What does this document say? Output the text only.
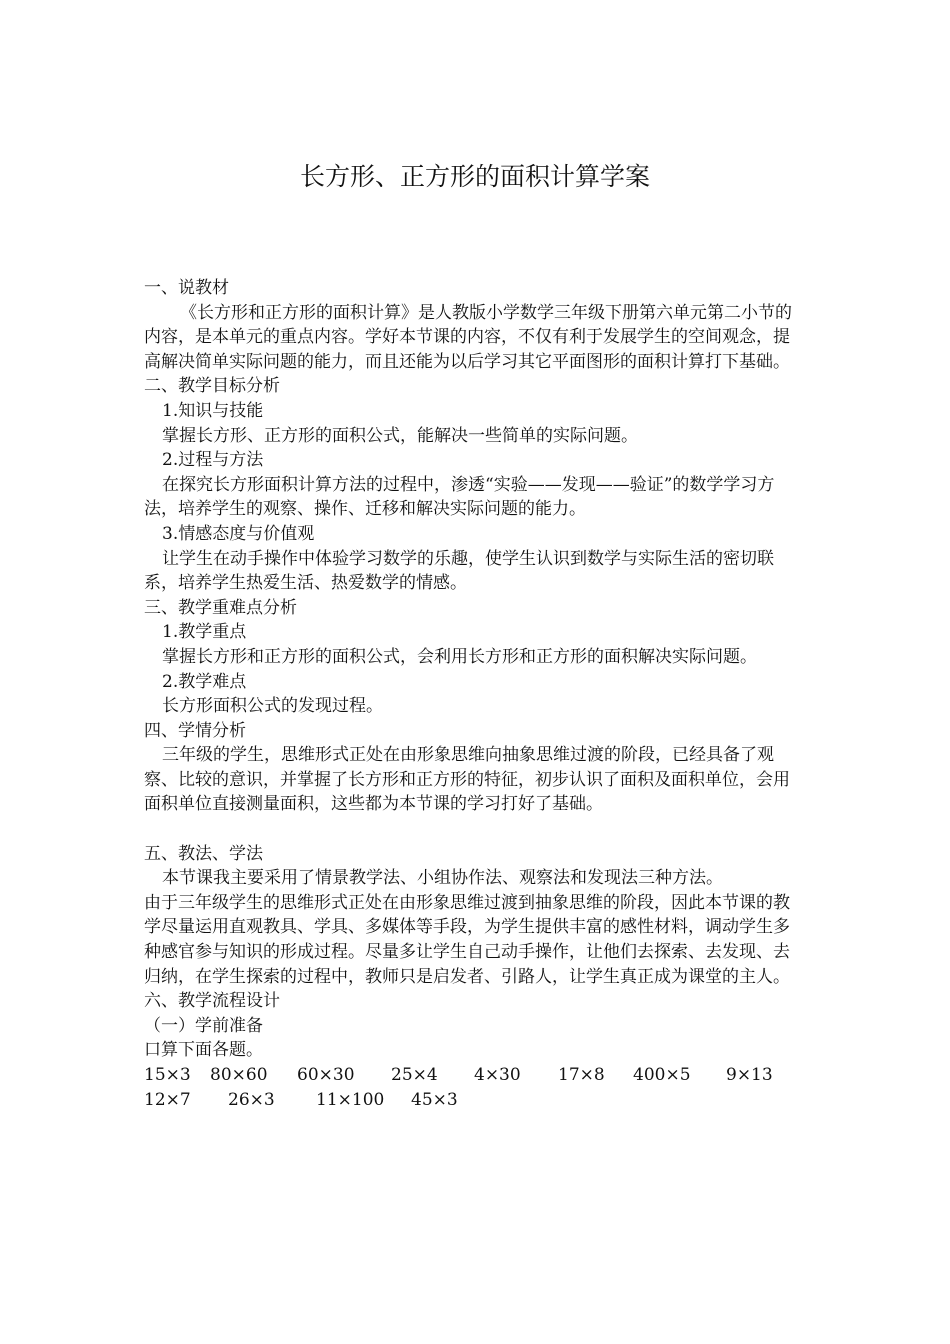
长方形、正方形的面积计算学案

一、说教材

《长方形和正方形的面积计算》是人教版小学数学三年级下册第六单元第二小节的内容，是本单元的重点内容。学好本节课的内容，不仅有利于发展学生的空间观念，提高解决简单实际问题的能力，而且还能为以后学习其它平面图形的面积计算打下基础。

二、教学目标分析

1.知识与技能

掌握长方形、正方形的面积公式，能解决一些简单的实际问题。

2.过程与方法

在探究长方形面积计算方法的过程中，渗透“实验——发现——验证”的数学学习方法，培养学生的观察、操作、迁移和解决实际问题的能力。

3.情感态度与价值观

让学生在动手操作中体验学习数学的乐趣，使学生认识到数学与实际生活的密切联系，培养学生热爱生活、热爱数学的情感。

三、教学重难点分析

1.教学重点

掌握长方形和正方形的面积公式，会利用长方形和正方形的面积解决实际问题。

2.教学难点

长方形面积公式的发现过程。

四、学情分析

三年级的学生，思维形式正处在由形象思维向抽象思维过渡的阶段，已经具备了观察、比较的意识，并掌握了长方形和正方形的特征，初步认识了面积及面积单位，会用面积单位直接测量面积，这些都为本节课的学习打好了基础。

五、教法、学法

本节课我主要采用了情景教学法、小组协作法、观察法和发现法三种方法。

由于三年级学生的思维形式正处在由形象思维过渡到抽象思维的阶段，因此本节课的教学尽量运用直观教具、学具、多媒体等手段，为学生提供丰富的感性材料，调动学生多种感官参与知识的形成过程。尽量多让学生自己动手操作，让他们去探索、去发现、去归纳，在学生探索的过程中，教师只是启发者、引路人，让学生真正成为课堂的主人。

六、教学流程设计

（一）学前准备

口算下面各题。

15×3 80×60 60×30 25×4 4×30 17×8 400×5 9×13
12×7 26×3 11×100 45×3
